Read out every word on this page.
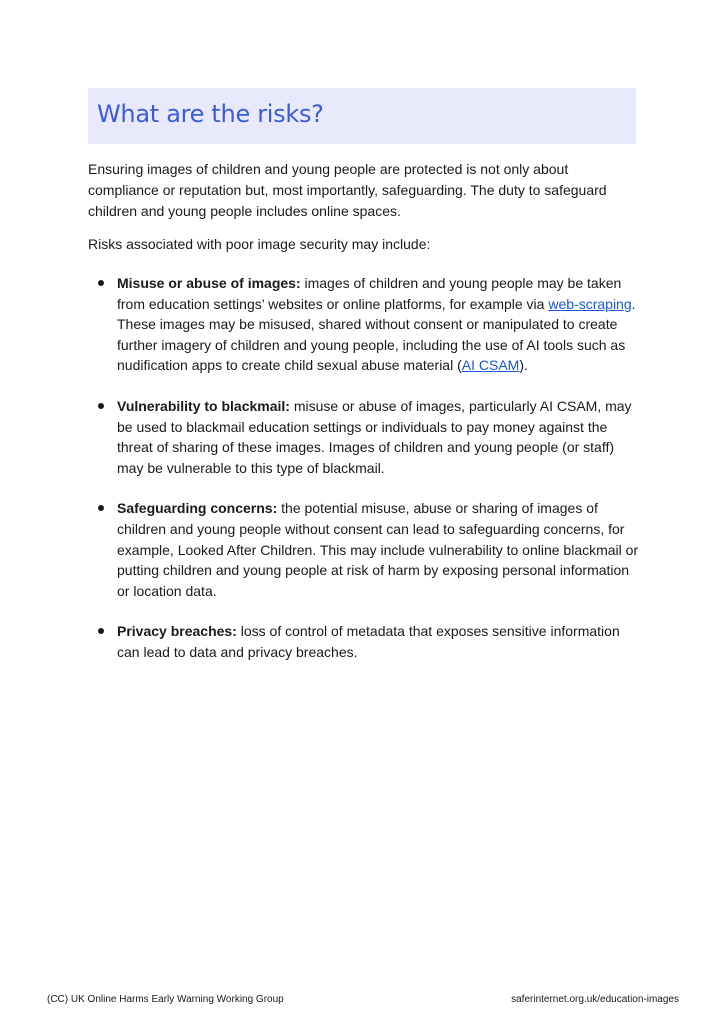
What are the risks?

Ensuring images of children and young people are protected is not only about compliance or reputation but, most importantly, safeguarding. The duty to safeguard children and young people includes online spaces.

Risks associated with poor image security may include:

Misuse or abuse of images: images of children and young people may be taken from education settings’ websites or online platforms, for example via web-scraping. These images may be misused, shared without consent or manipulated to create further imagery of children and young people, including the use of AI tools such as nudification apps to create child sexual abuse material (AI CSAM).
Vulnerability to blackmail: misuse or abuse of images, particularly AI CSAM, may be used to blackmail education settings or individuals to pay money against the threat of sharing of these images. Images of children and young people (or staff) may be vulnerable to this type of blackmail.
Safeguarding concerns: the potential misuse, abuse or sharing of images of children and young people without consent can lead to safeguarding concerns, for example, Looked After Children. This may include vulnerability to online blackmail or putting children and young people at risk of harm by exposing personal information or location data.
Privacy breaches: loss of control of metadata that exposes sensitive information can lead to data and privacy breaches.
(CC) UK Online Harms Early Warning Working Group	saferinternet.org.uk/education-images
